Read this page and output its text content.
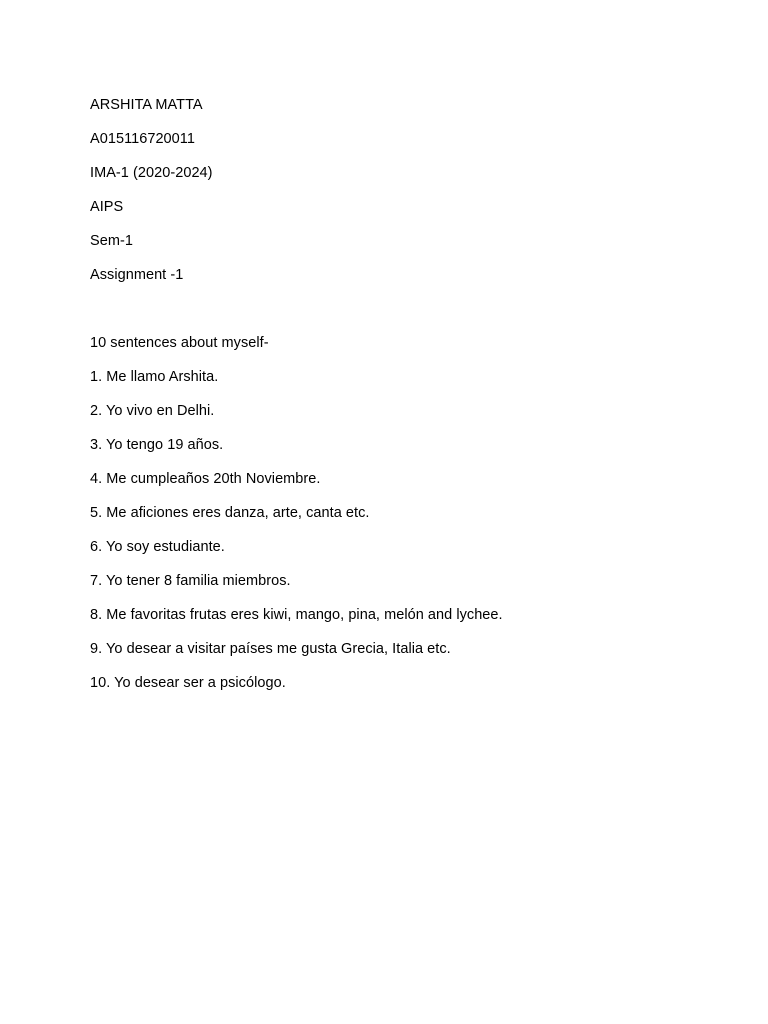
ARSHITA MATTA
A015116720011
IMA-1 (2020-2024)
AIPS
Sem-1
Assignment -1
10 sentences about myself-
1. Me llamo Arshita.
2. Yo vivo en Delhi.
3. Yo tengo 19 años.
4. Me cumpleaños 20th Noviembre.
5. Me aficiones eres danza, arte, canta etc.
6. Yo soy estudiante.
7. Yo tener 8 familia miembros.
8. Me favoritas frutas eres kiwi, mango, pina, melón and lychee.
9. Yo desear a visitar países me gusta Grecia, Italia etc.
10. Yo desear ser a psicólogo.
